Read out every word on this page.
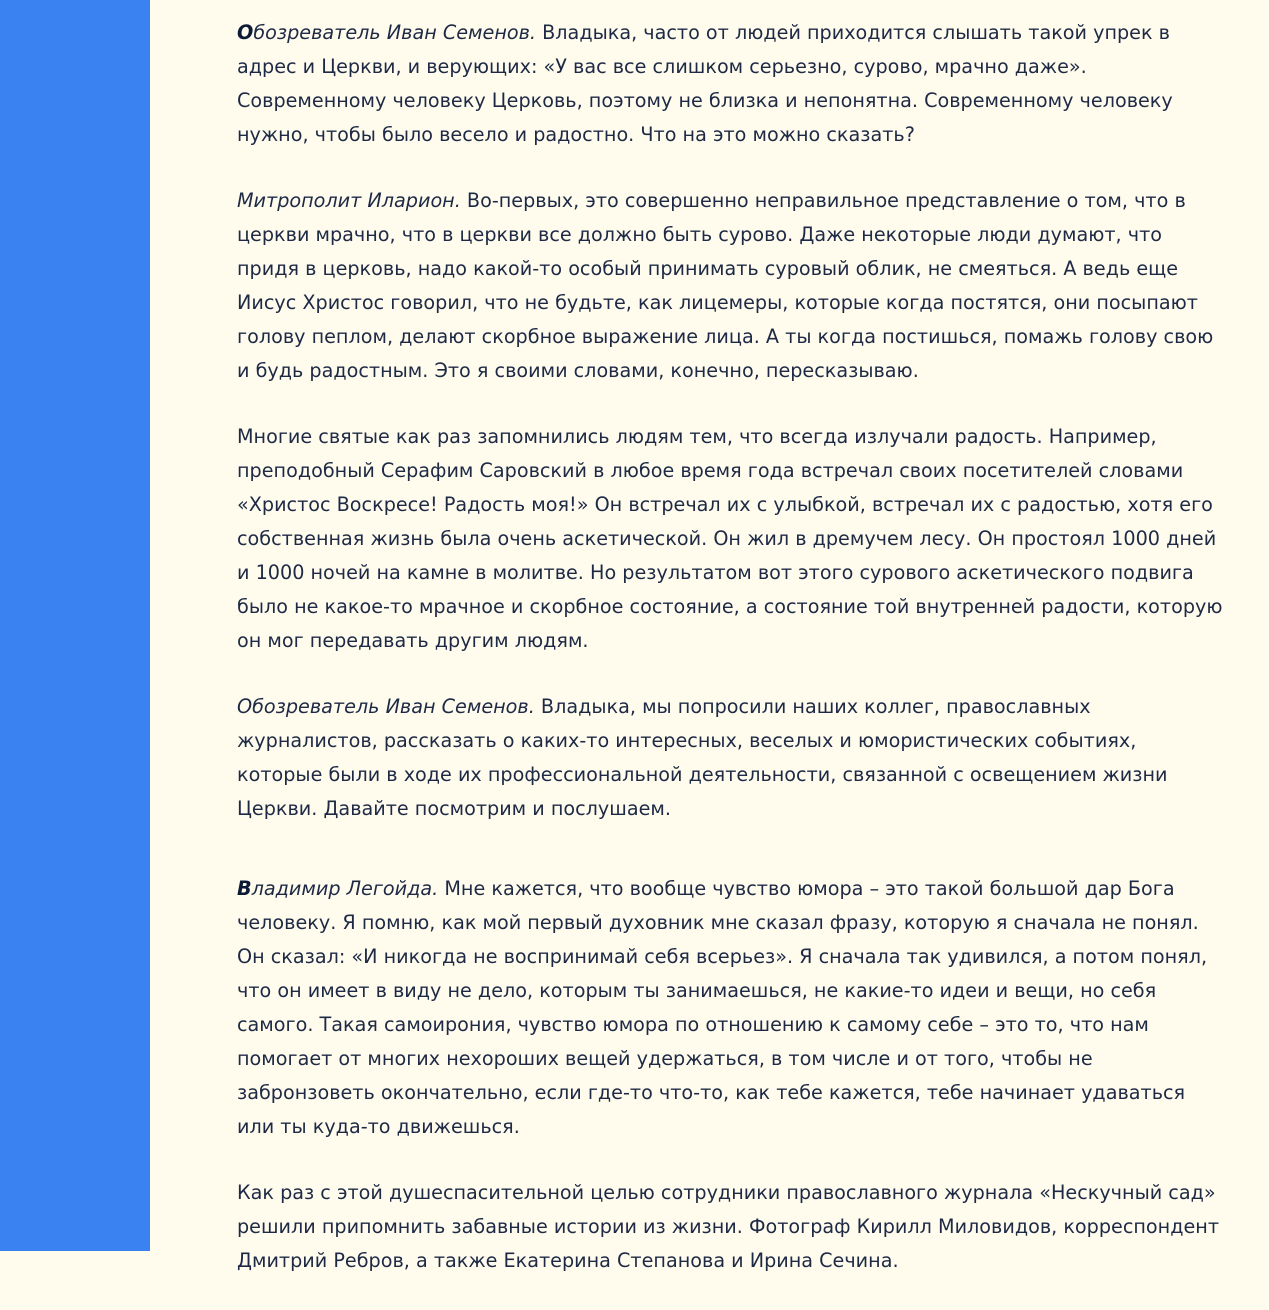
Обозреватель Иван Семенов. Владыка, часто от людей приходится слышать такой упрек в адрес и Церкви, и верующих: «У вас все слишком серьезно, сурово, мрачно даже». Современному человеку Церковь, поэтому не близка и непонятна. Современному человеку нужно, чтобы было весело и радостно. Что на это можно сказать?

Митрополит Иларион. Во-первых, это совершенно неправильное представление о том, что в церкви мрачно, что в церкви все должно быть сурово. Даже некоторые люди думают, что придя в церковь, надо какой-то особый принимать суровый облик, не смеяться. А ведь еще Иисус Христос говорил, что не будьте, как лицемеры, которые когда постятся, они посыпают голову пеплом, делают скорбное выражение лица. А ты когда постишься, помажь голову свою и будь радостным. Это я своими словами, конечно, пересказываю.

Многие святые как раз запомнились людям тем, что всегда излучали радость. Например, преподобный Серафим Саровский в любое время года встречал своих посетителей словами «Христос Воскресе! Радость моя!» Он встречал их с улыбкой, встречал их с радостью, хотя его собственная жизнь была очень аскетической. Он жил в дремучем лесу. Он простоял 1000 дней и 1000 ночей на камне в молитве. Но результатом вот этого сурового аскетического подвига было не какое-то мрачное и скорбное состояние, а состояние той внутренней радости, которую он мог передавать другим людям.

Обозреватель Иван Семенов. Владыка, мы попросили наших коллег, православных журналистов, рассказать о каких-то интересных, веселых и юмористических событиях, которые были в ходе их профессиональной деятельности, связанной с освещением жизни Церкви. Давайте посмотрим и послушаем.

Владимир Легойда. Мне кажется, что вообще чувство юмора – это такой большой дар Бога человеку. Я помню, как мой первый духовник мне сказал фразу, которую я сначала не понял. Он сказал: «И никогда не воспринимай себя всерьез». Я сначала так удивился, а потом понял, что он имеет в виду не дело, которым ты занимаешься, не какие-то идеи и вещи, но себя самого. Такая самоирония, чувство юмора по отношению к самому себе – это то, что нам помогает от многих нехороших вещей удержаться, в том числе и от того, чтобы не забронзоветь окончательно, если где-то что-то, как тебе кажется, тебе начинает удаваться или ты куда-то движешься.

Как раз с этой душеспасительной целью сотрудники православного журнала «Нескучный сад» решили припомнить забавные истории из жизни. Фотограф Кирилл Миловидов, корреспондент Дмитрий Ребров, а также Екатерина Степанова и Ирина Сечина.
